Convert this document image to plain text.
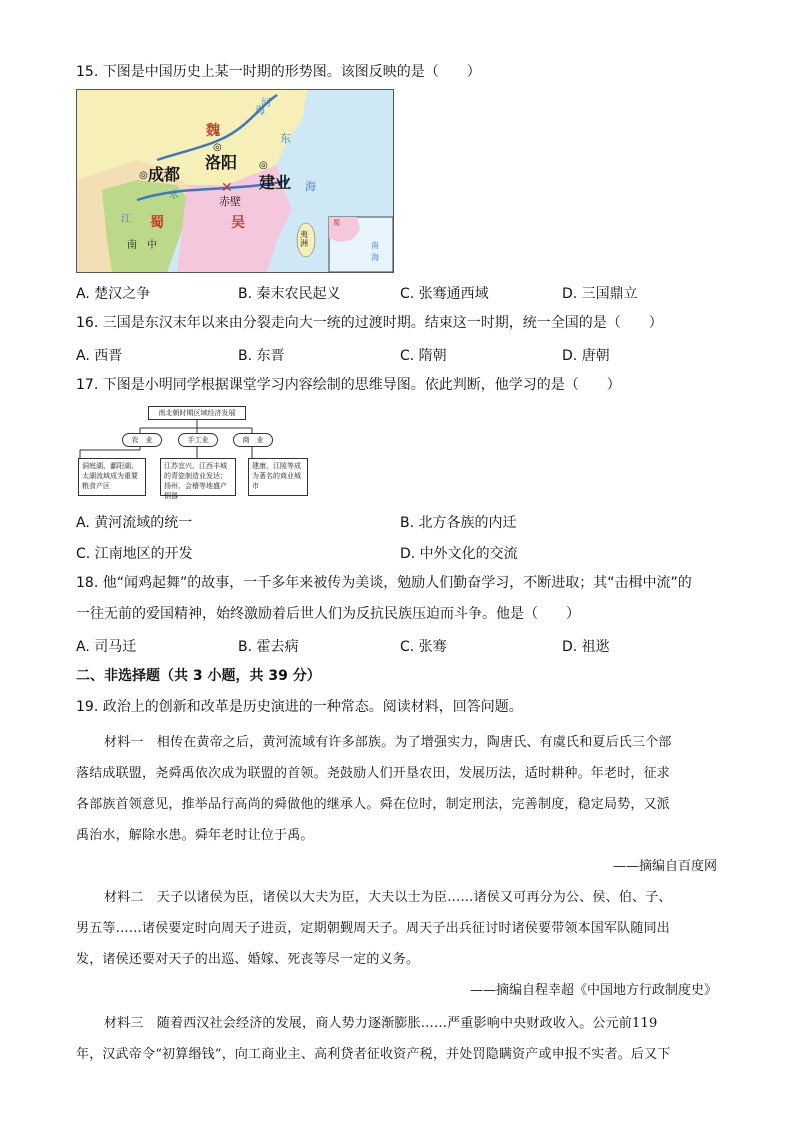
15. 下图是中国历史上某一时期的形势图。该图反映的是（　　）
魏
◎
洛阳 ◎
建业
◎ 成都
✕
赤壁
吴
蜀
南　中
东
海
河
海
水
江
夷洲
蜀
南
海
A. 楚汉之争	B. 秦末农民起义	C. 张骞通西域	D. 三国鼎立
16. 三国是东汉末年以来由分裂走向大一统的过渡时期。结束这一时期，统一全国的是（　　）
A. 西晋	B. 东晋	C. 隋朝	D. 唐朝
17. 下图是小明同学根据课堂学习内容绘制的思维导图。依此判断，他学习的是（　　）
南北朝时期区域经济发展
农　业	手工业	商　业
洞庭湖、鄱阳湖、太湖流域成为重要粮食产区
江苏宜兴、江西丰城的青瓷制造业发达；扬州、会稽等地盛产铜器
建康、江陵等成为著名的商业城市
A. 黄河流域的统一	B. 北方各族的内迁
C. 江南地区的开发	D. 中外文化的交流
18. 他“闻鸡起舞”的故事，一千多年来被传为美谈，勉励人们勤奋学习，不断进取；其“击楫中流”的
一往无前的爱国精神，始终激励着后世人们为反抗民族压迫而斗争。他是（　　）
A. 司马迁	B. 霍去病	C. 张骞	D. 祖逖
二、非选择题（共 3 小题，共 39 分）
19. 政治上的创新和改革是历史演进的一种常态。阅读材料，回答问题。
材料一　相传在黄帝之后，黄河流域有许多部族。为了增强实力，陶唐氏、有虞氏和夏后氏三个部
落结成联盟，尧舜禹依次成为联盟的首领。尧鼓励人们开垦农田，发展历法，适时耕种。年老时，征求
各部族首领意见，推举品行高尚的舜做他的继承人。舜在位时，制定刑法，完善制度，稳定局势，又派
禹治水，解除水患。舜年老时让位于禹。
——摘编自百度网
材料二　天子以诸侯为臣，诸侯以大夫为臣，大夫以士为臣……诸侯又可再分为公、侯、伯、子、
男五等……诸侯要定时向周天子进贡，定期朝觐周天子。周天子出兵征讨时诸侯要带领本国军队随同出
发，诸侯还要对天子的出巡、婚嫁、死丧等尽一定的义务。
——摘编自程幸超《中国地方行政制度史》
材料三　随着西汉社会经济的发展，商人势力逐渐膨胀……严重影响中央财政收入。公元前119
年，汉武帝令“初算缗钱”，向工商业主、高利贷者征收资产税，并处罚隐瞒资产或申报不实者。后又下
